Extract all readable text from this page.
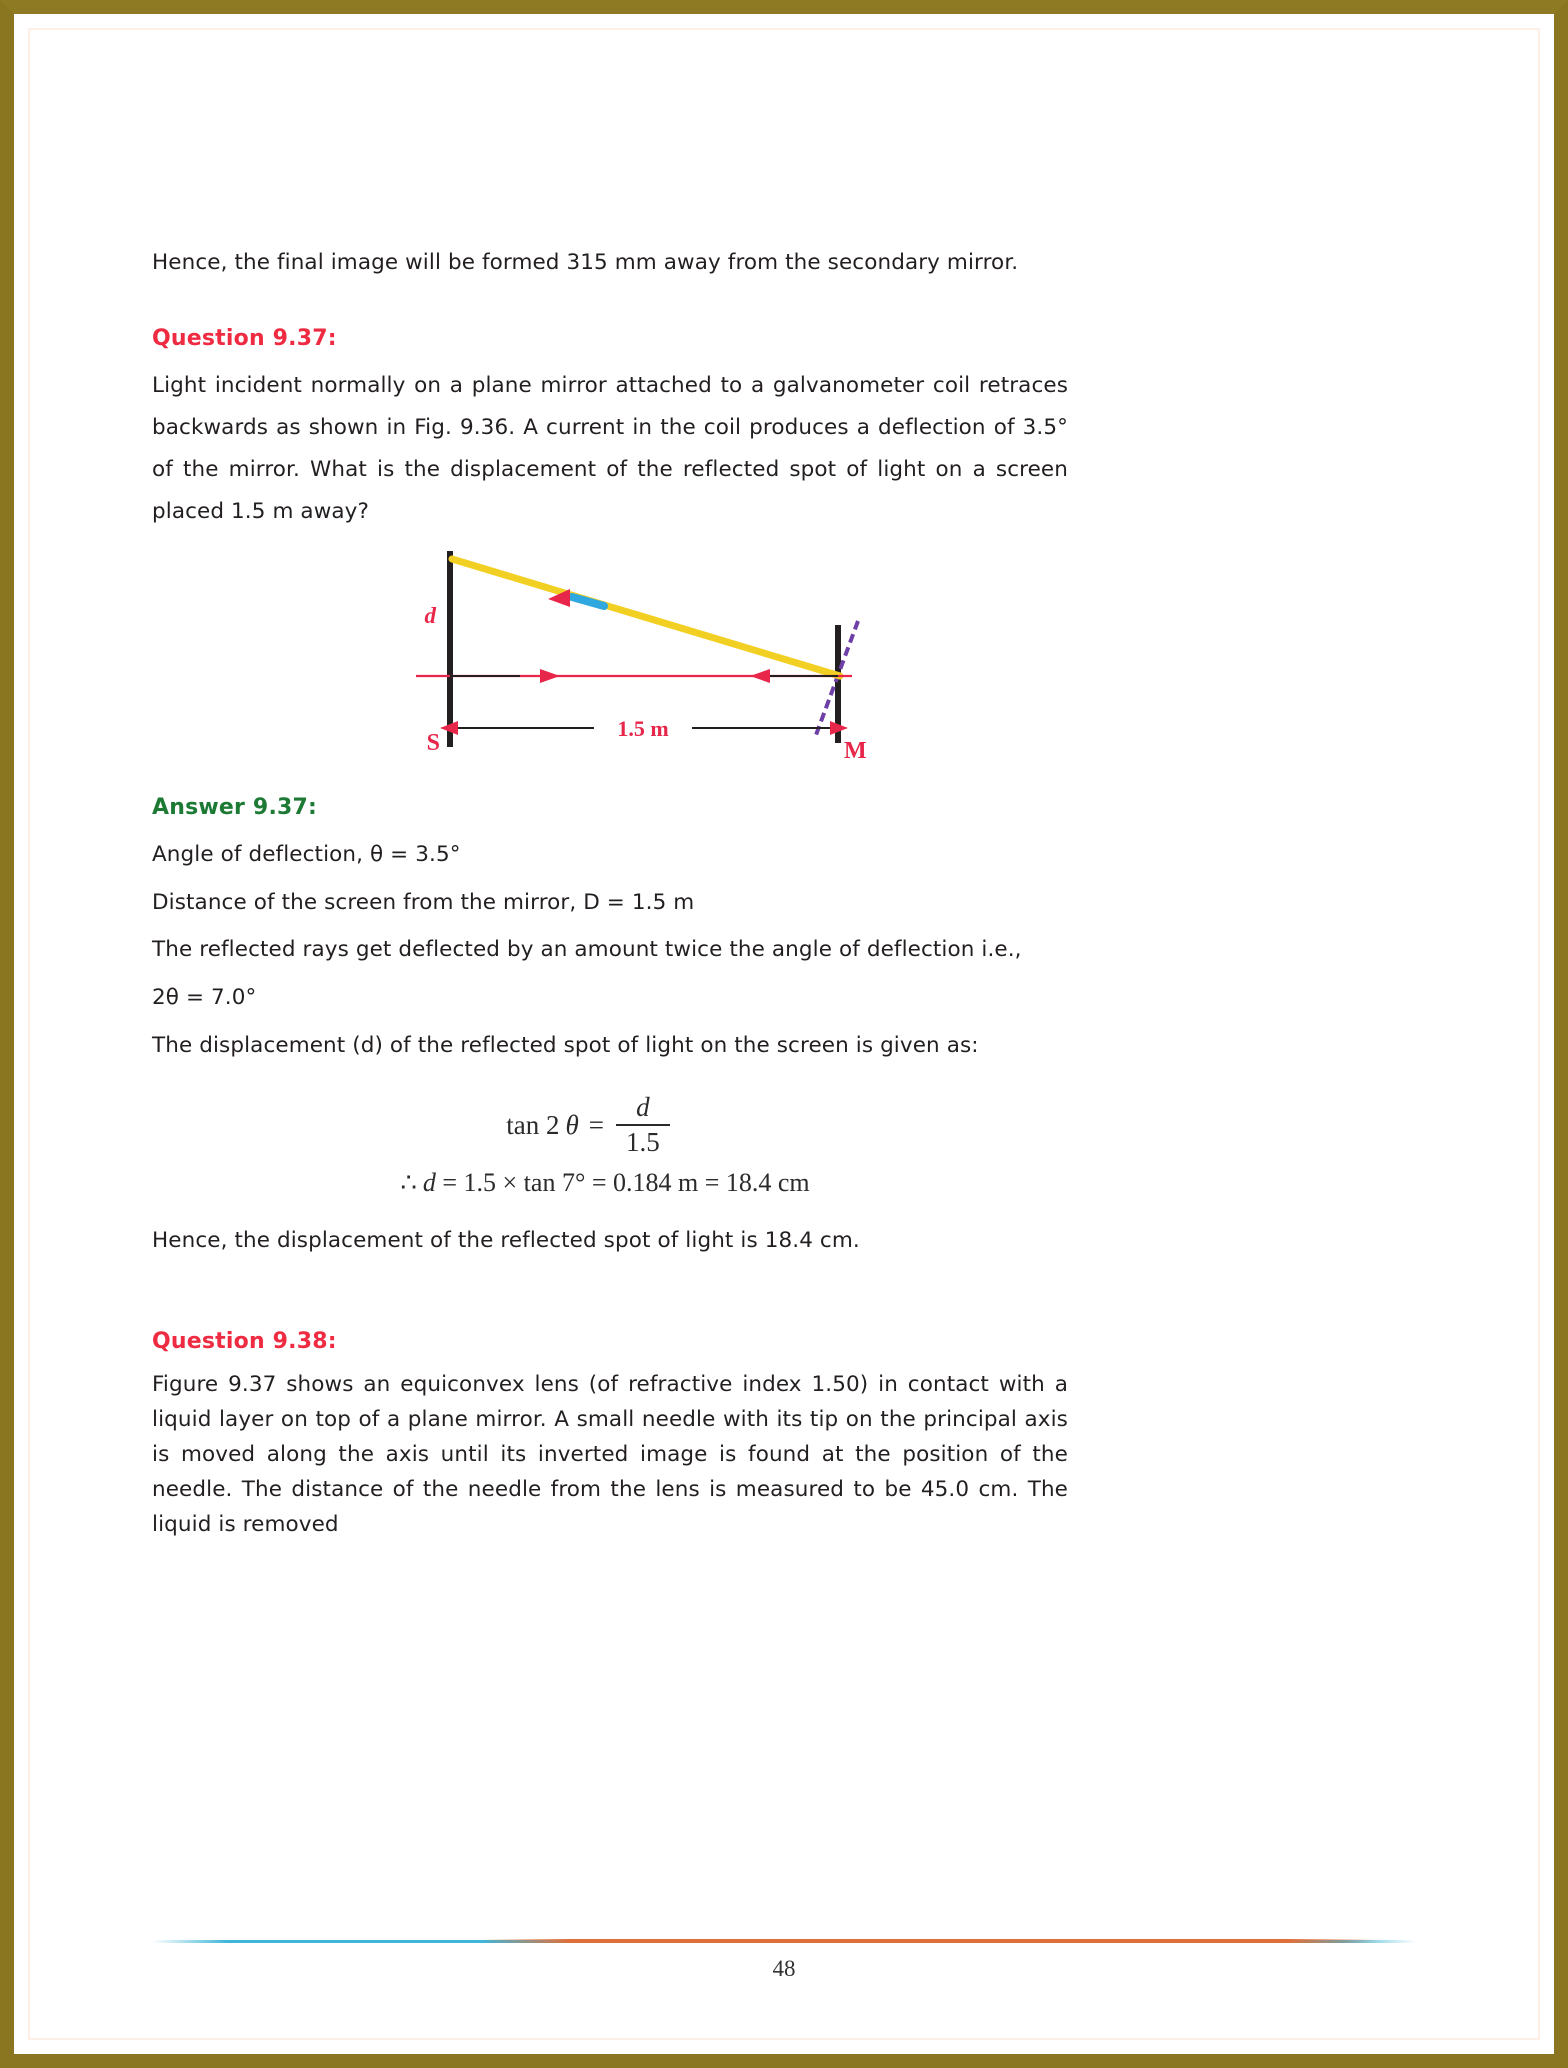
Hence, the final image will be formed 315 mm away from the secondary mirror.

Question 9.37:

Light incident normally on a plane mirror attached to a galvanometer coil retraces backwards as shown in Fig. 9.36. A current in the coil produces a deflection of 3.5° of the mirror. What is the displacement of the reflected spot of light on a screen placed 1.5 m away?

d
S	M
1.5 m
Answer 9.37:

Angle of deflection, θ = 3.5°

Distance of the screen from the mirror, D = 1.5 m

The reflected rays get deflected by an amount twice the angle of deflection i.e.,

2θ = 7.0°

The displacement (d) of the reflected spot of light on the screen is given as:

tan 2 $\theta = \frac{d}{1.5}$
∴ d = 1.5 × tan 7° = 0.184 m = 18.4 cm

Hence, the displacement of the reflected spot of light is 18.4 cm.

Question 9.38:

Figure 9.37 shows an equiconvex lens (of refractive index 1.50) in contact with a liquid layer on top of a plane mirror. A small needle with its tip on the principal axis is moved along the axis until its inverted image is found at the position of the needle. The distance of the needle from the lens is measured to be 45.0 cm. The liquid is removed

48
